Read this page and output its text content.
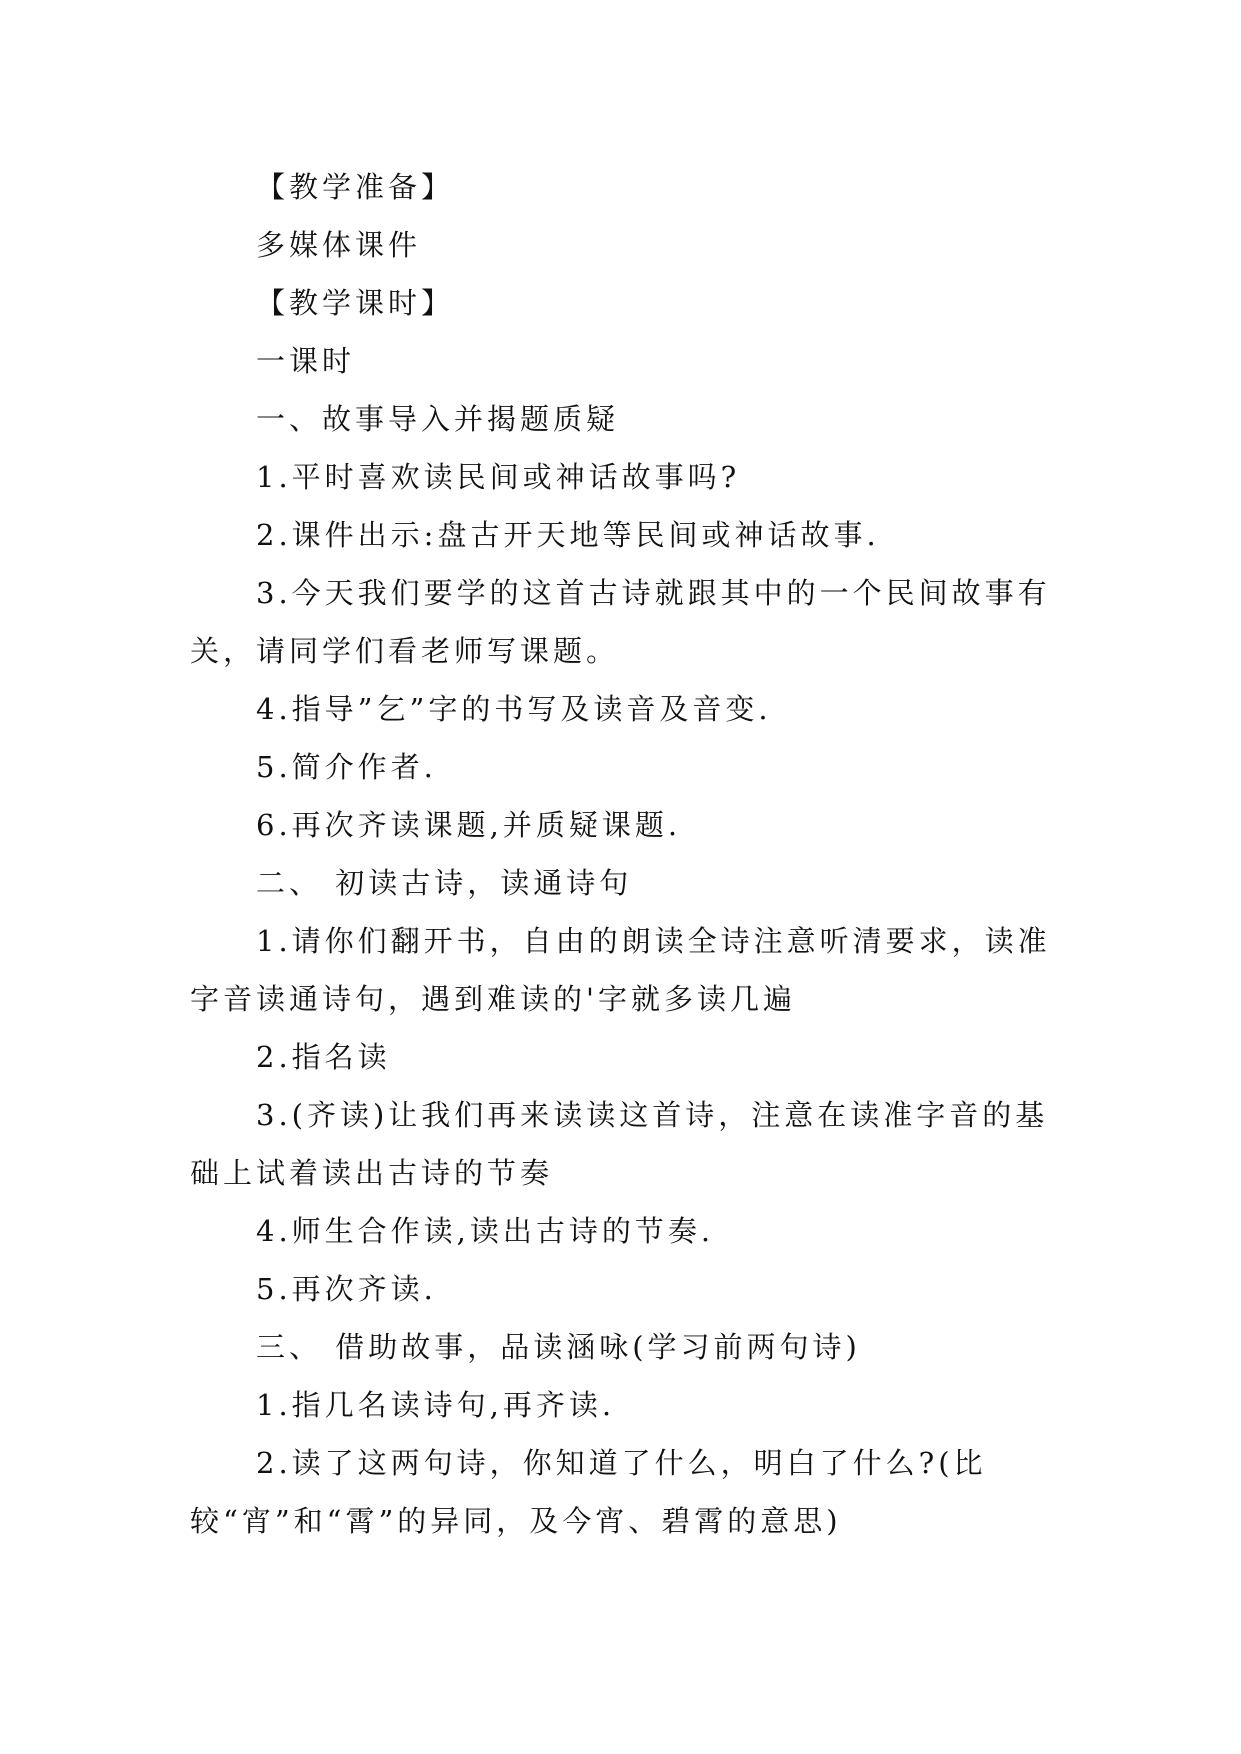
【教学准备】

多媒体课件

【教学课时】

一课时

一、故事导入并揭题质疑

1.平时喜欢读民间或神话故事吗?

2.课件出示:盘古开天地等民间或神话故事.

3.今天我们要学的这首古诗就跟其中的一个民间故事有关，请同学们看老师写课题。

4.指导”乞”字的书写及读音及音变.

5.简介作者.

6.再次齐读课题,并质疑课题.

二、 初读古诗，读通诗句

1.请你们翻开书，自由的朗读全诗注意听清要求，读准字音读通诗句，遇到难读的'字就多读几遍

2.指名读

3.(齐读)让我们再来读读这首诗，注意在读准字音的基础上试着读出古诗的节奏

4.师生合作读,读出古诗的节奏.

5.再次齐读.

三、 借助故事，品读涵咏(学习前两句诗)

1.指几名读诗句,再齐读.

2.读了这两句诗，你知道了什么，明白了什么?(比较“宵”和“霄”的异同，及今宵、碧霄的意思)
